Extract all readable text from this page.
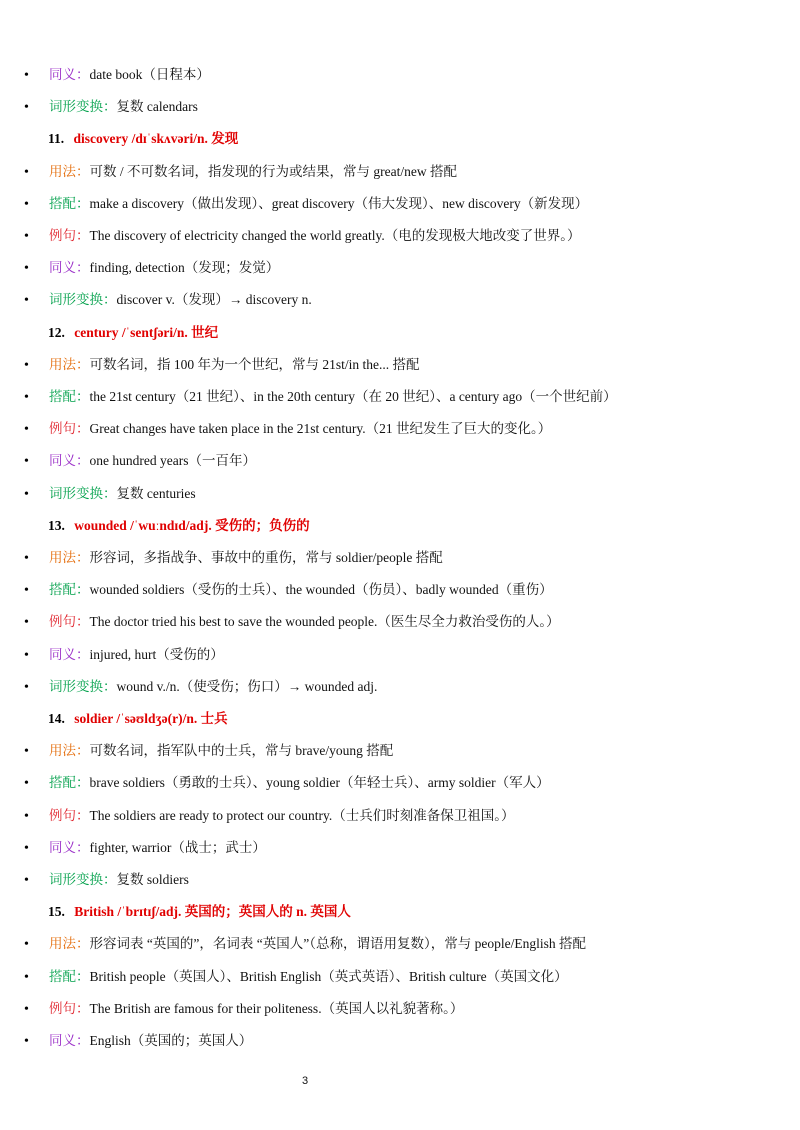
• 同义：date book（日程本）
• 词形变换：复数 calendars
11. discovery /dɪˈskʌvəri/n. 发现
• 用法：可数 / 不可数名词，指发现的行为或结果，常与 great/new 搭配
• 搭配：make a discovery（做出发现）、great discovery（伟大发现）、new discovery（新发现）
• 例句：The discovery of electricity changed the world greatly.（电的发现极大地改变了世界。）
• 同义：finding, detection（发现；发觉）
• 词形变换：discover v.（发现）→ discovery n.
12. century /ˈsentʃəri/n. 世纪
• 用法：可数名词，指 100 年为一个世纪，常与 21st/in the... 搭配
• 搭配：the 21st century（21 世纪）、in the 20th century（在 20 世纪）、a century ago（一个世纪前）
• 例句：Great changes have taken place in the 21st century.（21 世纪发生了巨大的变化。）
• 同义：one hundred years（一百年）
• 词形变换：复数 centuries
13. wounded /ˈwuːndɪd/adj. 受伤的；负伤的
• 用法：形容词，多指战争、事故中的重伤，常与 soldier/people 搭配
• 搭配：wounded soldiers（受伤的士兵）、the wounded（伤员）、badly wounded（重伤）
• 例句：The doctor tried his best to save the wounded people.（医生尽全力救治受伤的人。）
• 同义：injured, hurt（受伤的）
• 词形变换：wound v./n.（使受伤；伤口）→ wounded adj.
14. soldier /ˈsəʊldʒə(r)/n. 士兵
• 用法：可数名词，指军队中的士兵，常与 brave/young 搭配
• 搭配：brave soldiers（勇敢的士兵）、young soldier（年轻士兵）、army soldier（军人）
• 例句：The soldiers are ready to protect our country.（士兵们时刻准备保卫祖国。）
• 同义：fighter, warrior（战士；武士）
• 词形变换：复数 soldiers
15. British /ˈbrɪtɪʃ/adj. 英国的；英国人的 n. 英国人
• 用法：形容词表 “英国的”，名词表 “英国人”（总称，谓语用复数），常与 people/English 搭配
• 搭配：British people（英国人）、British English（英式英语）、British culture（英国文化）
• 例句：The British are famous for their politeness.（英国人以礼貌著称。）
• 同义：English（英国的；英国人）
3
